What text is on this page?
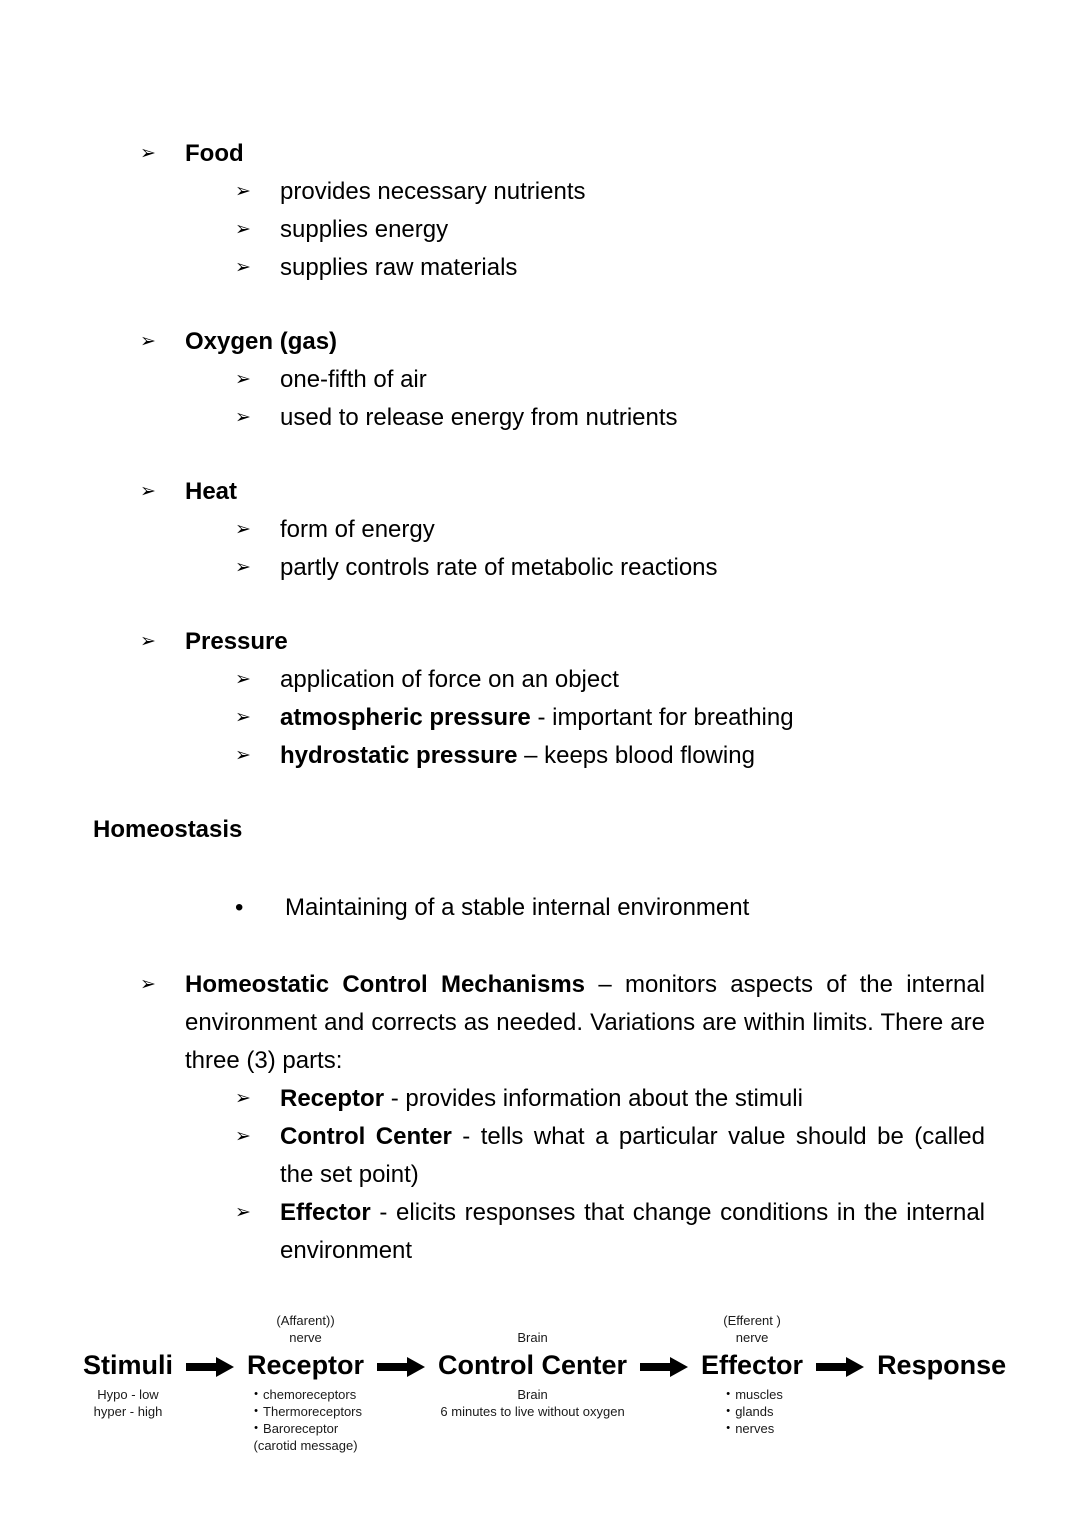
➢	Food
➢	provides necessary nutrients
➢	supplies energy
➢	supplies raw materials
➢	Oxygen (gas)
➢	one-fifth of air
➢	used to release energy from nutrients
➢	Heat
➢	form of energy
➢	partly controls rate of metabolic reactions
➢	Pressure
➢	application of force on an object
➢	atmospheric pressure - important for breathing
➢	hydrostatic pressure – keeps blood flowing
Homeostasis
•	Maintaining of a stable internal environment
➢	Homeostatic Control Mechanisms – monitors aspects of the internal environment and corrects as needed. Variations are within limits. There are three (3) parts:
➢	Receptor - provides information about the stimuli
➢	Control Center - tells what a particular value should be (called the set point)
➢	Effector - elicits responses that change conditions in the internal environment
Stimuli
Hypo - low
hyper - high
(Affarent))
nerve
Receptor
• chemoreceptors
• Thermoreceptors
• Baroreceptor
(carotid message)
Brain
Control Center
Brain
6 minutes to live without oxygen
(Efferent )
nerve
Effector
• muscles
• glands
• nerves
Response
